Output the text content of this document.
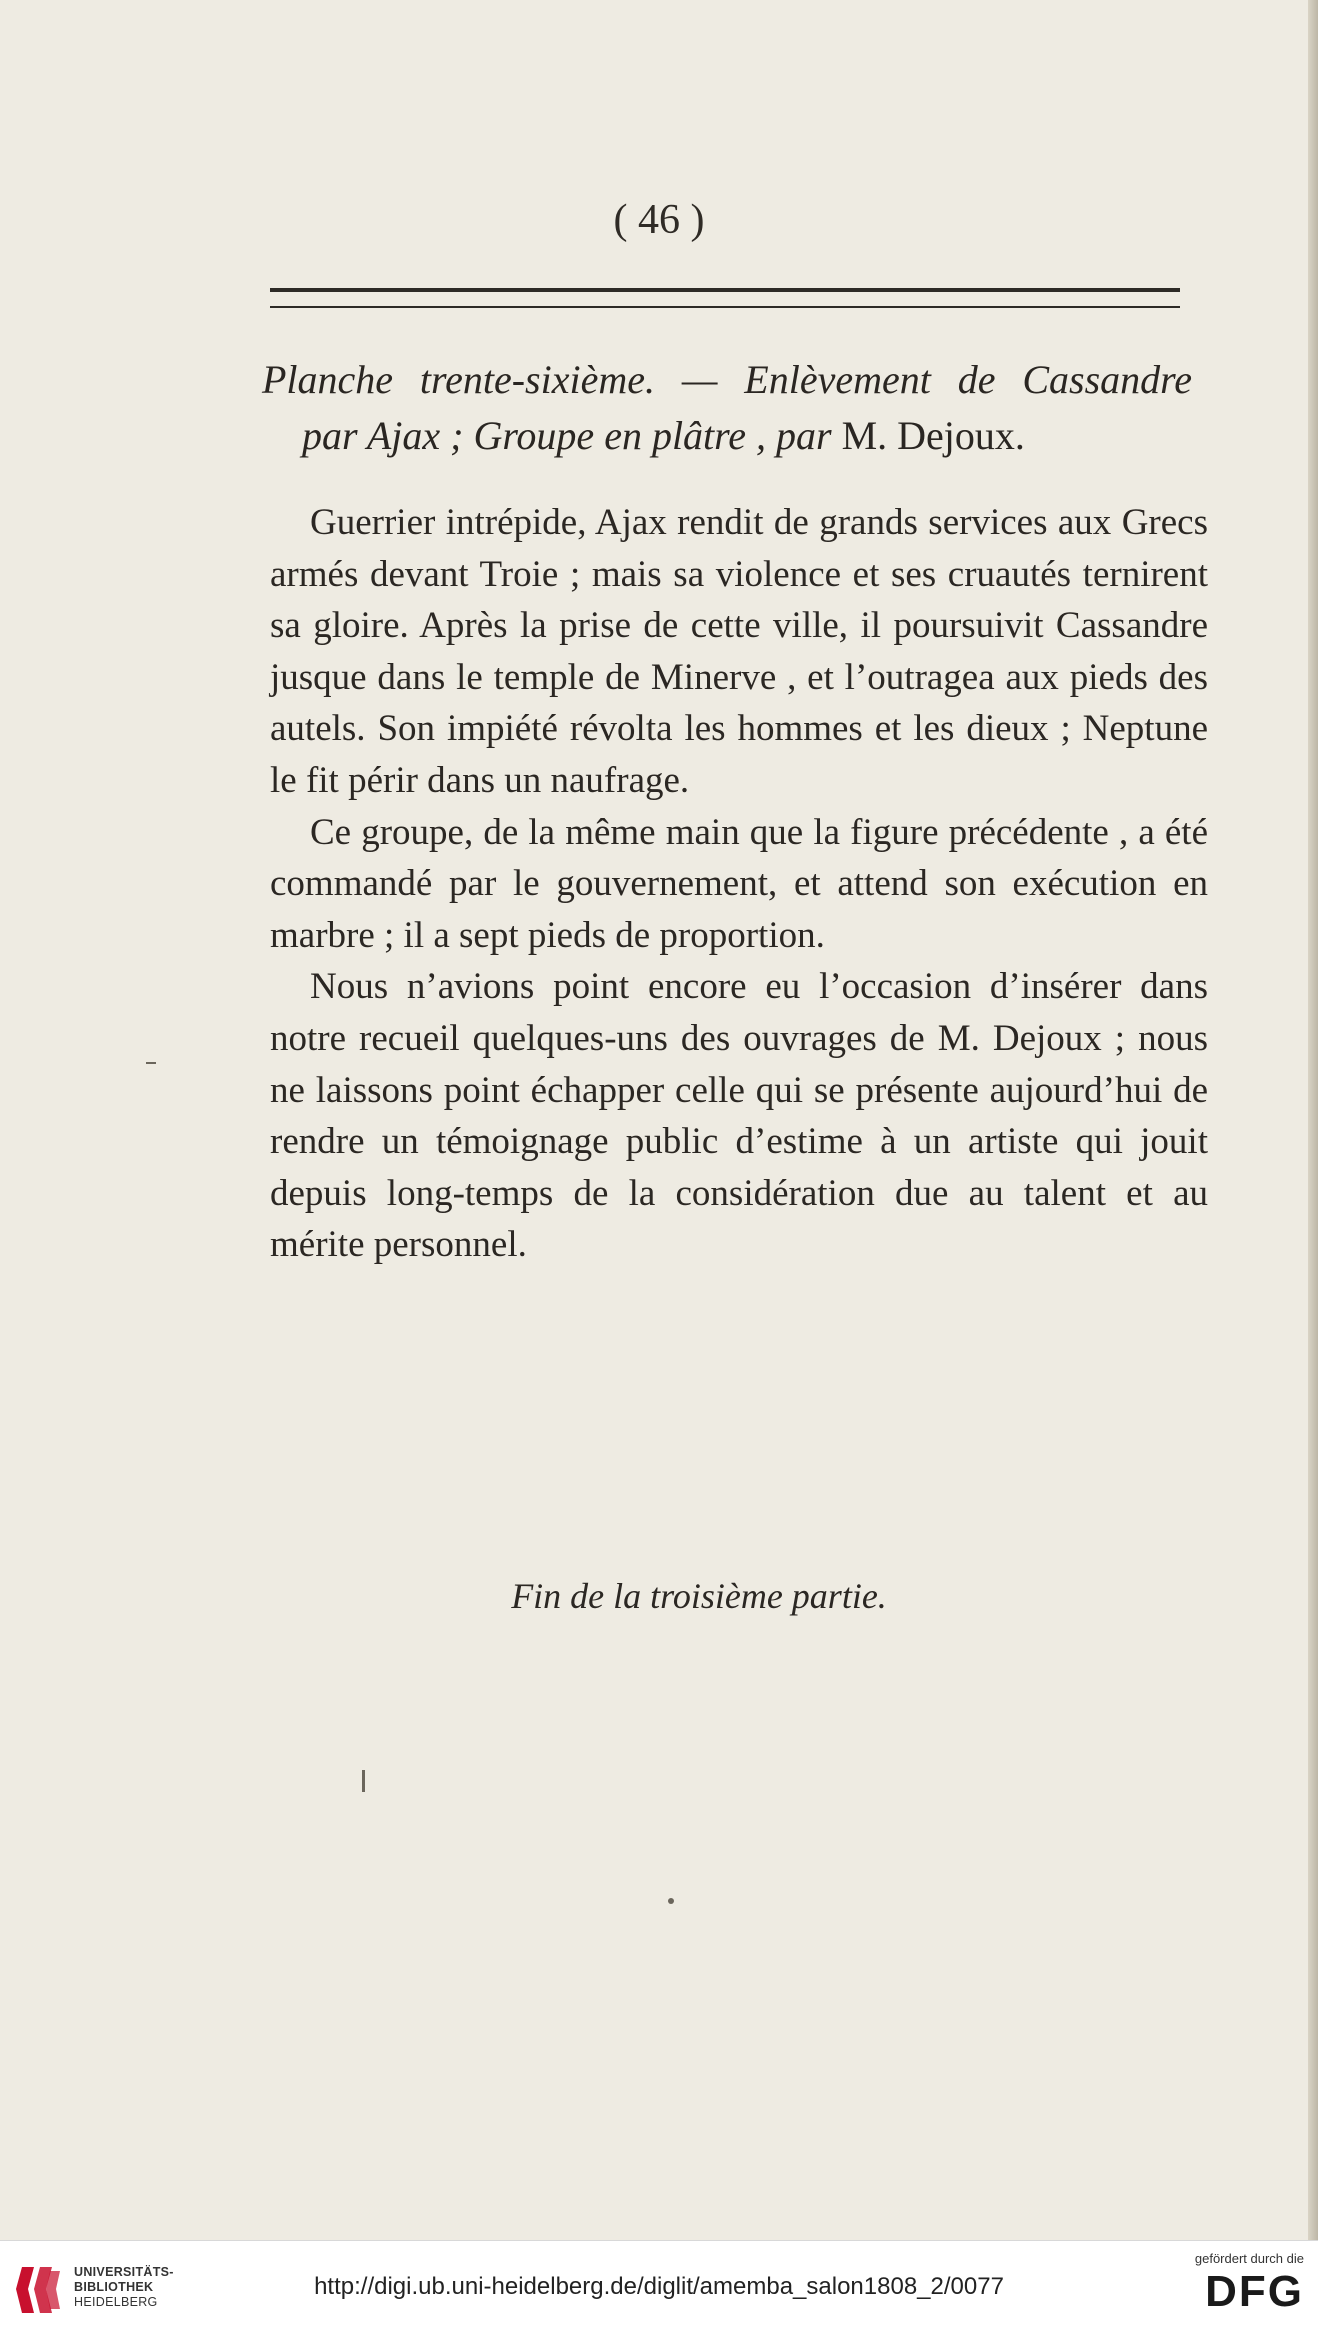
( 46 )
Planche trente-sixième. — Enlèvement de Cassandre
par Ajax ; Groupe en plâtre , par M. Dejoux.

Guerrier intrépide, Ajax rendit de grands services aux Grecs armés devant Troie ; mais sa violence et ses cruautés ternirent sa gloire. Après la prise de cette ville, il poursuivit Cassandre jusque dans le temple de Minerve , et l’outragea aux pieds des autels. Son impiété révolta les hommes et les dieux ; Neptune le fit périr dans un naufrage.

Ce groupe, de la même main que la figure précédente , a été commandé par le gouvernement, et attend son exécution en marbre ; il a sept pieds de proportion.

Nous n’avions point encore eu l’occasion d’insérer dans notre recueil quelques-uns des ouvrages de M. Dejoux ; nous ne laissons point échapper celle qui se présente aujourd’hui de rendre un témoignage public d’estime à un artiste qui jouit depuis long-temps de la considération due au talent et au mérite personnel.

Fin de la troisième partie.
UNIVERSITÄTS-
BIBLIOTHEK
HEIDELBERG
http://digi.ub.uni-heidelberg.de/diglit/amemba_salon1808_2/0077
gefördert durch die
DFG
